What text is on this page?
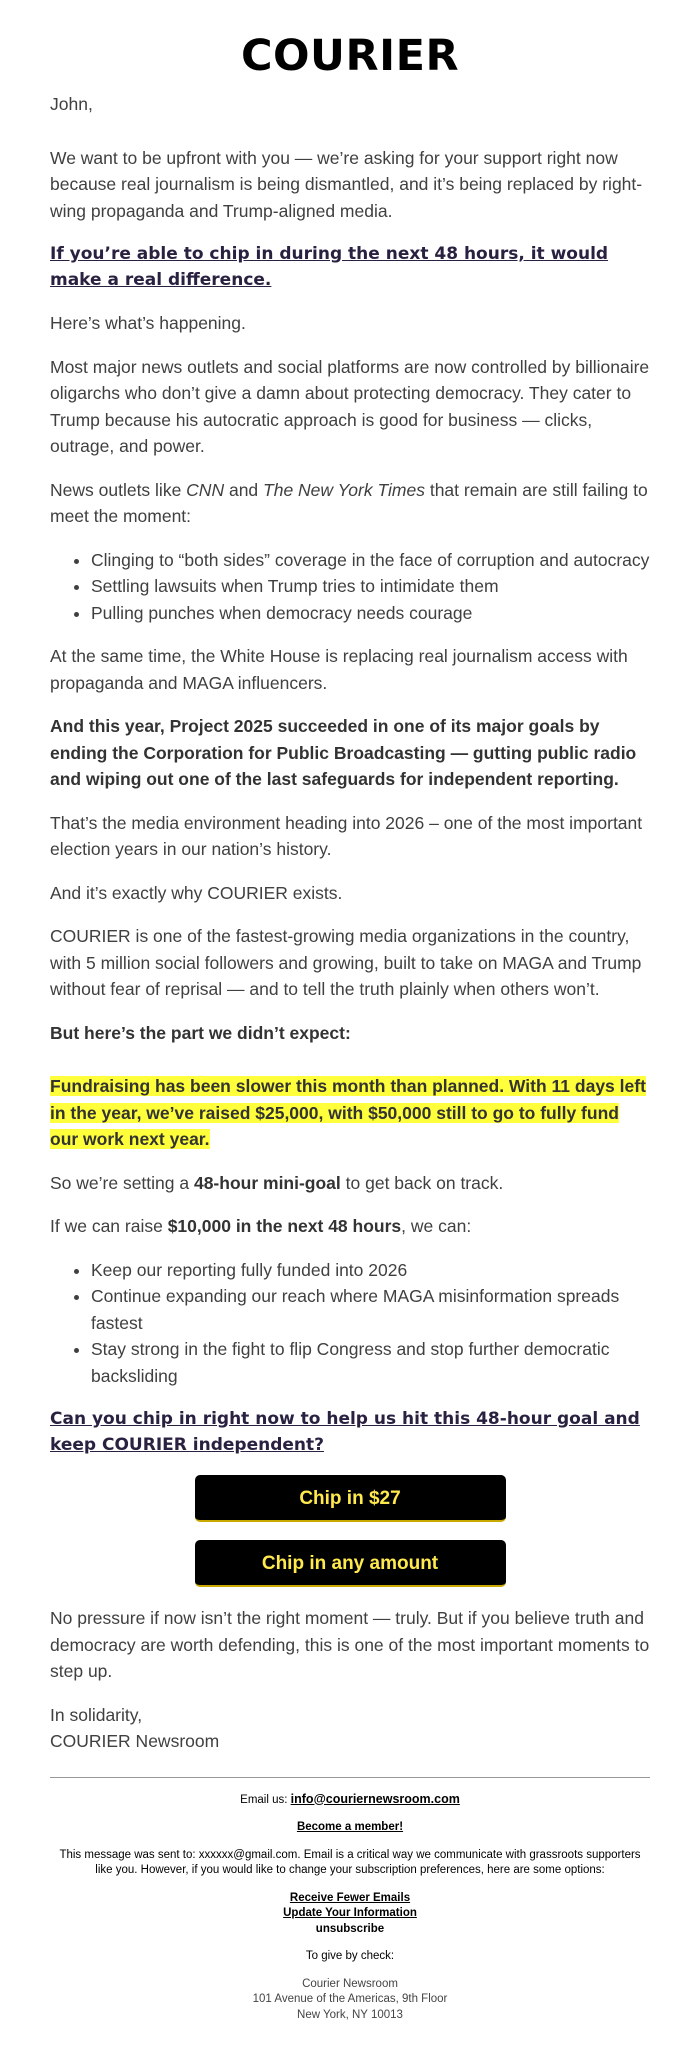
COURIER

John,

We want to be upfront with you — we’re asking for your support right now because real journalism is being dismantled, and it’s being replaced by right-wing propaganda and Trump-aligned media.

If you’re able to chip in during the next 48 hours, it would make a real difference.

Here’s what’s happening.

Most major news outlets and social platforms are now controlled by billionaire oligarchs who don’t give a damn about protecting democracy. They cater to Trump because his autocratic approach is good for business — clicks, outrage, and power.

News outlets like CNN and The New York Times that remain are still failing to meet the moment:

• Clinging to “both sides” coverage in the face of corruption and autocracy
• Settling lawsuits when Trump tries to intimidate them
• Pulling punches when democracy needs courage

At the same time, the White House is replacing real journalism access with propaganda and MAGA influencers.

And this year, Project 2025 succeeded in one of its major goals by ending the Corporation for Public Broadcasting — gutting public radio and wiping out one of the last safeguards for independent reporting.

That’s the media environment heading into 2026 – one of the most important election years in our nation’s history.

And it’s exactly why COURIER exists.

COURIER is one of the fastest-growing media organizations in the country, with 5 million social followers and growing, built to take on MAGA and Trump without fear of reprisal — and to tell the truth plainly when others won’t.

But here’s the part we didn’t expect:

Fundraising has been slower this month than planned. With 11 days left in the year, we’ve raised $25,000, with $50,000 still to go to fully fund our work next year.

So we’re setting a 48-hour mini-goal to get back on track.

If we can raise $10,000 in the next 48 hours, we can:

• Keep our reporting fully funded into 2026
• Continue expanding our reach where MAGA misinformation spreads fastest
• Stay strong in the fight to flip Congress and stop further democratic backsliding
Can you chip in right now to help us hit this 48-hour goal and keep COURIER independent?
Chip in $27
Chip in any amount

No pressure if now isn’t the right moment — truly. But if you believe truth and democracy are worth defending, this is one of the most important moments to step up.

In solidarity,
COURIER Newsroom

Email us: info@couriernewsroom.com

Become a member!

This message was sent to: xxxxxx@gmail.com. Email is a critical way we communicate with grassroots supporters like you. However, if you would like to change your subscription preferences, here are some options:

Receive Fewer Emails
Update Your Information
unsubscribe

To give by check:

Courier Newsroom
101 Avenue of the Americas, 9th Floor
New York, NY 10013
